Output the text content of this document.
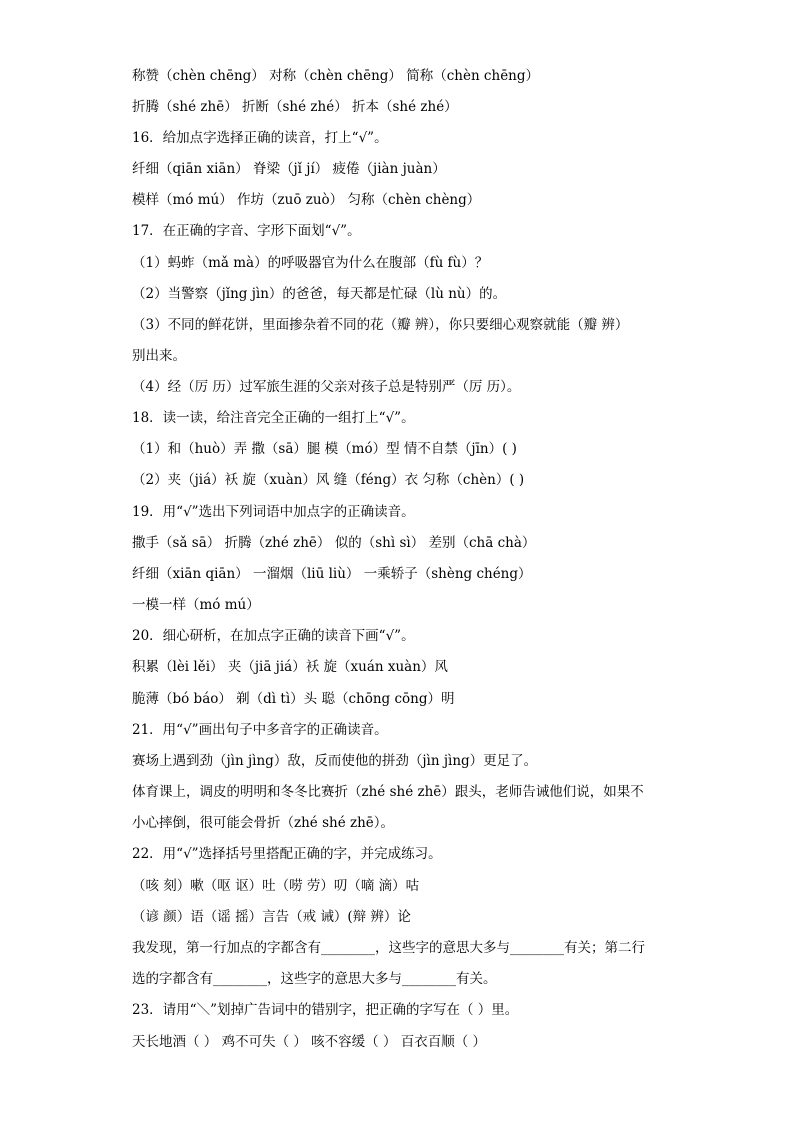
称赞（chèn chēng） 对称（chèn chēng） 简称（chèn chēng）
折腾（shé zhē） 折断（shé zhé） 折本（shé zhé）
16．给加点字选择正确的读音，打上“√”。
纤细（qiān xiān） 脊梁（jǐ jí） 疲倦（jiàn juàn）
模样（mó mú） 作坊（zuō zuò） 匀称（chèn chèng）
17．在正确的字音、字形下面划“√”。
（1）蚂蚱（mǎ mà）的呼吸器官为什么在腹部（fù fù）？
（2）当警察（jǐng jìn）的爸爸，每天都是忙碌（lù nù）的。
（3）不同的鲜花饼，里面掺杂着不同的花（瓣 辨），你只要细心观察就能（瓣 辨）
别出来。
（4）经（厉 历）过军旅生涯的父亲对孩子总是特别严（厉 历）。
18．读一读，给注音完全正确的一组打上“√”。
（1）和（huò）弄 撒（sā）腿 模（mó）型 情不自禁（jīn）( )
（2）夹（jiá）袄 旋（xuàn）风 缝（féng）衣 匀称（chèn）( )
19．用“√”选出下列词语中加点字的正确读音。
撒手（sǎ sā） 折腾（zhé zhē） 似的（shì sì） 差别（chā chà）
纤细（xiān qiān） 一溜烟（liū liù） 一乘轿子（shèng chéng）
一模一样（mó mú）
20．细心研析，在加点字正确的读音下画“√”。
积累（lèi lěi） 夹（jiā jiá）袄 旋（xuán xuàn）风
脆薄（bó báo） 剃（dì tì）头 聪（chōng cōng）明
21．用“√”画出句子中多音字的正确读音。
赛场上遇到劲（jìn jìng）敌，反而使他的拼劲（jìn jìng）更足了。
体育课上，调皮的明明和冬冬比赛折（zhé shé zhē）跟头，老师告诫他们说，如果不
小心摔倒，很可能会骨折（zhé shé zhē）。
22．用“√”选择括号里搭配正确的字，并完成练习。
（咳 刻）嗽（呕 讴）吐（唠 劳）叨（嘀 滴）咕
（谚 颜）语（谣 摇）言告（戒 诫）(辩 辨）论
我发现，第一行加点的字都含有________，这些字的意思大多与________有关；第二行
选的字都含有________，这些字的意思大多与________有关。
23．请用“＼”划掉广告词中的错别字，把正确的字写在（ ）里。
天长地酒（ ） 鸡不可失（ ） 咳不容缓（ ） 百衣百顺（ ）
